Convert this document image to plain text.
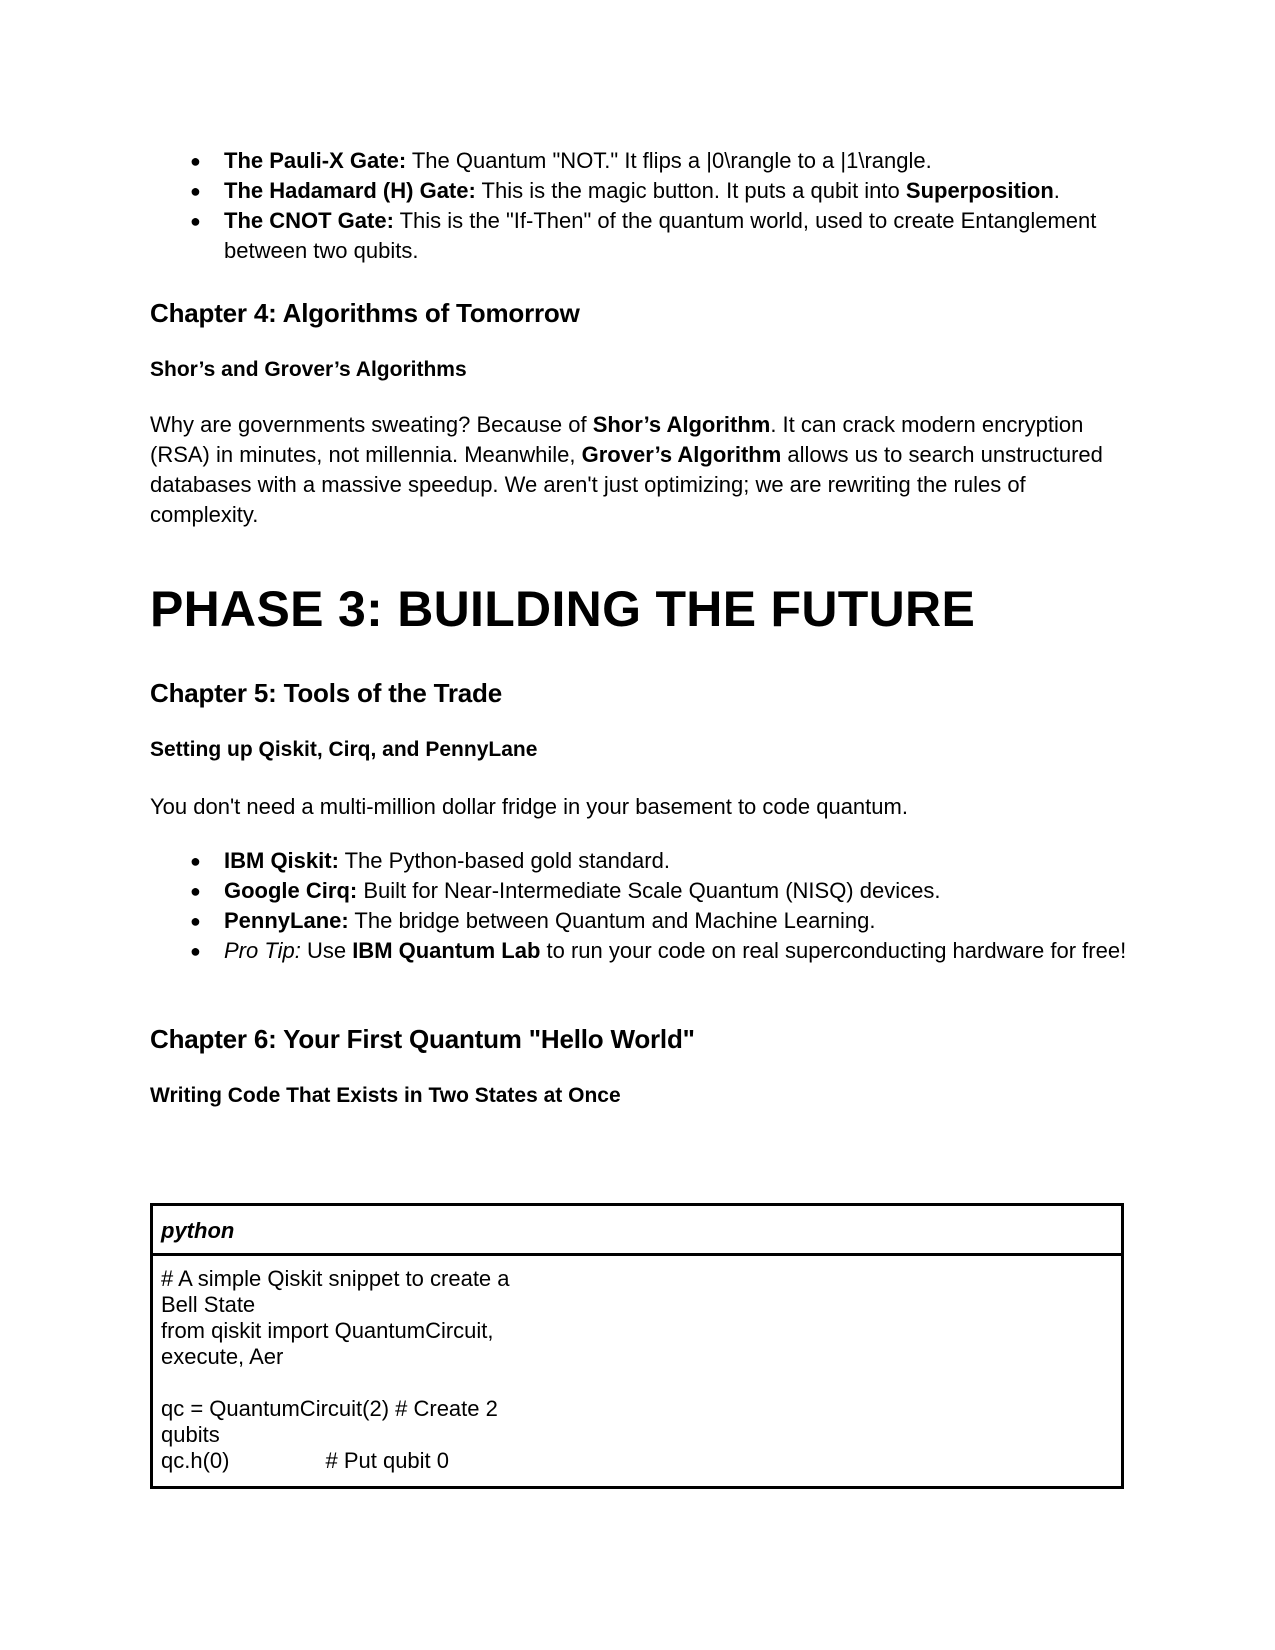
● The Pauli-X Gate: The Quantum "NOT." It flips a |0\rangle to a |1\rangle.
● The Hadamard (H) Gate: This is the magic button. It puts a qubit into Superposition.
● The CNOT Gate: This is the "If-Then" of the quantum world, used to create Entanglement between two qubits.
Chapter 4: Algorithms of Tomorrow
Shor’s and Grover’s Algorithms
Why are governments sweating? Because of Shor’s Algorithm. It can crack modern encryption (RSA) in minutes, not millennia. Meanwhile, Grover’s Algorithm allows us to search unstructured databases with a massive speedup. We aren't just optimizing; we are rewriting the rules of complexity.
PHASE 3: BUILDING THE FUTURE
Chapter 5: Tools of the Trade
Setting up Qiskit, Cirq, and PennyLane
You don't need a multi-million dollar fridge in your basement to code quantum.
● IBM Qiskit: The Python-based gold standard.
● Google Cirq: Built for Near-Intermediate Scale Quantum (NISQ) devices.
● PennyLane: The bridge between Quantum and Machine Learning.
● Pro Tip: Use IBM Quantum Lab to run your code on real superconducting hardware for free!
Chapter 6: Your First Quantum "Hello World"
Writing Code That Exists in Two States at Once
python
# A simple Qiskit snippet to create a Bell State
from qiskit import QuantumCircuit, execute, Aer
qc = QuantumCircuit(2) # Create 2 qubits
qc.h(0)	# Put qubit 0
